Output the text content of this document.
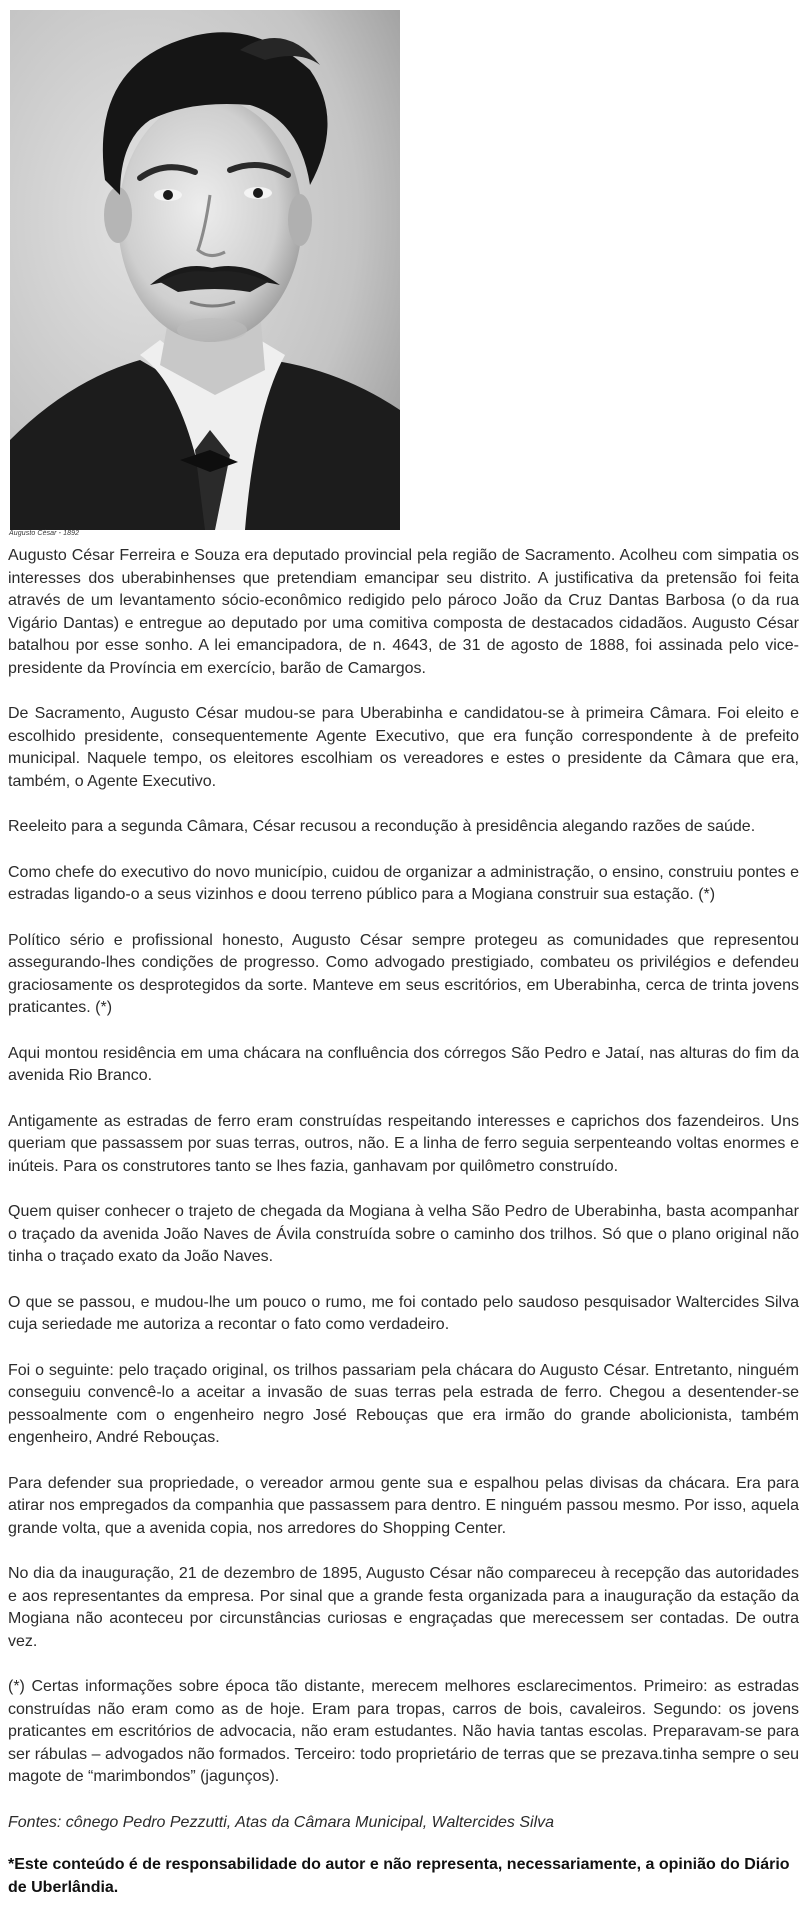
Augusto César - 1892

Augusto César Ferreira e Souza era deputado provincial pela região de Sacramento. Acolheu com simpatia os interesses dos uberabinhenses que pretendiam emancipar seu distrito. A justificativa da pretensão foi feita através de um levantamento sócio-econômico redigido pelo pároco João da Cruz Dantas Barbosa (o da rua Vigário Dantas) e entregue ao deputado por uma comitiva composta de destacados cidadãos. Augusto César batalhou por esse sonho. A lei emancipadora, de n. 4643, de 31 de agosto de 1888, foi assinada pelo vice-presidente da Província em exercício, barão de Camargos.

De Sacramento, Augusto César mudou-se para Uberabinha e candidatou-se à primeira Câmara. Foi eleito e escolhido presidente, consequentemente Agente Executivo, que era função correspondente à de prefeito municipal. Naquele tempo, os eleitores escolhiam os vereadores e estes o presidente da Câmara que era, também, o Agente Executivo.

Reeleito para a segunda Câmara, César recusou a recondução à presidência alegando razões de saúde.

Como chefe do executivo do novo município, cuidou de organizar a administração, o ensino, construiu pontes e estradas ligando-o a seus vizinhos e doou terreno público para a Mogiana construir sua estação. (*)

Político sério e profissional honesto, Augusto César sempre protegeu as comunidades que representou assegurando-lhes condições de progresso. Como advogado prestigiado, combateu os privilégios e defendeu graciosamente os desprotegidos da sorte. Manteve em seus escritórios, em Uberabinha, cerca de trinta jovens praticantes. (*)

Aqui montou residência em uma chácara na confluência dos córregos São Pedro e Jataí, nas alturas do fim da avenida Rio Branco.

Antigamente as estradas de ferro eram construídas respeitando interesses e caprichos dos fazendeiros. Uns queriam que passassem por suas terras, outros, não. E a linha de ferro seguia serpenteando voltas enormes e inúteis. Para os construtores tanto se lhes fazia, ganhavam por quilômetro construído.

Quem quiser conhecer o trajeto de chegada da Mogiana à velha São Pedro de Uberabinha, basta acompanhar o traçado da avenida João Naves de Ávila construída sobre o caminho dos trilhos. Só que o plano original não tinha o traçado exato da João Naves.

O que se passou, e mudou-lhe um pouco o rumo, me foi contado pelo saudoso pesquisador Waltercides Silva cuja seriedade me autoriza a recontar o fato como verdadeiro.

Foi o seguinte: pelo traçado original, os trilhos passariam pela chácara do Augusto César. Entretanto, ninguém conseguiu convencê-lo a aceitar a invasão de suas terras pela estrada de ferro. Chegou a desentender-se pessoalmente com o engenheiro negro José Rebouças que era irmão do grande abolicionista, também engenheiro, André Rebouças.

Para defender sua propriedade, o vereador armou gente sua e espalhou pelas divisas da chácara. Era para atirar nos empregados da companhia que passassem para dentro. E ninguém passou mesmo. Por isso, aquela grande volta, que a avenida copia, nos arredores do Shopping Center.

No dia da inauguração, 21 de dezembro de 1895, Augusto César não compareceu à recepção das autoridades e aos representantes da empresa. Por sinal que a grande festa organizada para a inauguração da estação da Mogiana não aconteceu por circunstâncias curiosas e engraçadas que merecessem ser contadas. De outra vez.

(*) Certas informações sobre época tão distante, merecem melhores esclarecimentos. Primeiro: as estradas construídas não eram como as de hoje. Eram para tropas, carros de bois, cavaleiros. Segundo: os jovens praticantes em escritórios de advocacia, não eram estudantes. Não havia tantas escolas. Preparavam-se para ser rábulas – advogados não formados. Terceiro: todo proprietário de terras que se prezava.tinha sempre o seu magote de “marimbondos” (jagunços).

Fontes: cônego Pedro Pezzutti, Atas da Câmara Municipal, Waltercides Silva

*Este conteúdo é de responsabilidade do autor e não representa, necessariamente, a opinião do Diário de Uberlândia.
